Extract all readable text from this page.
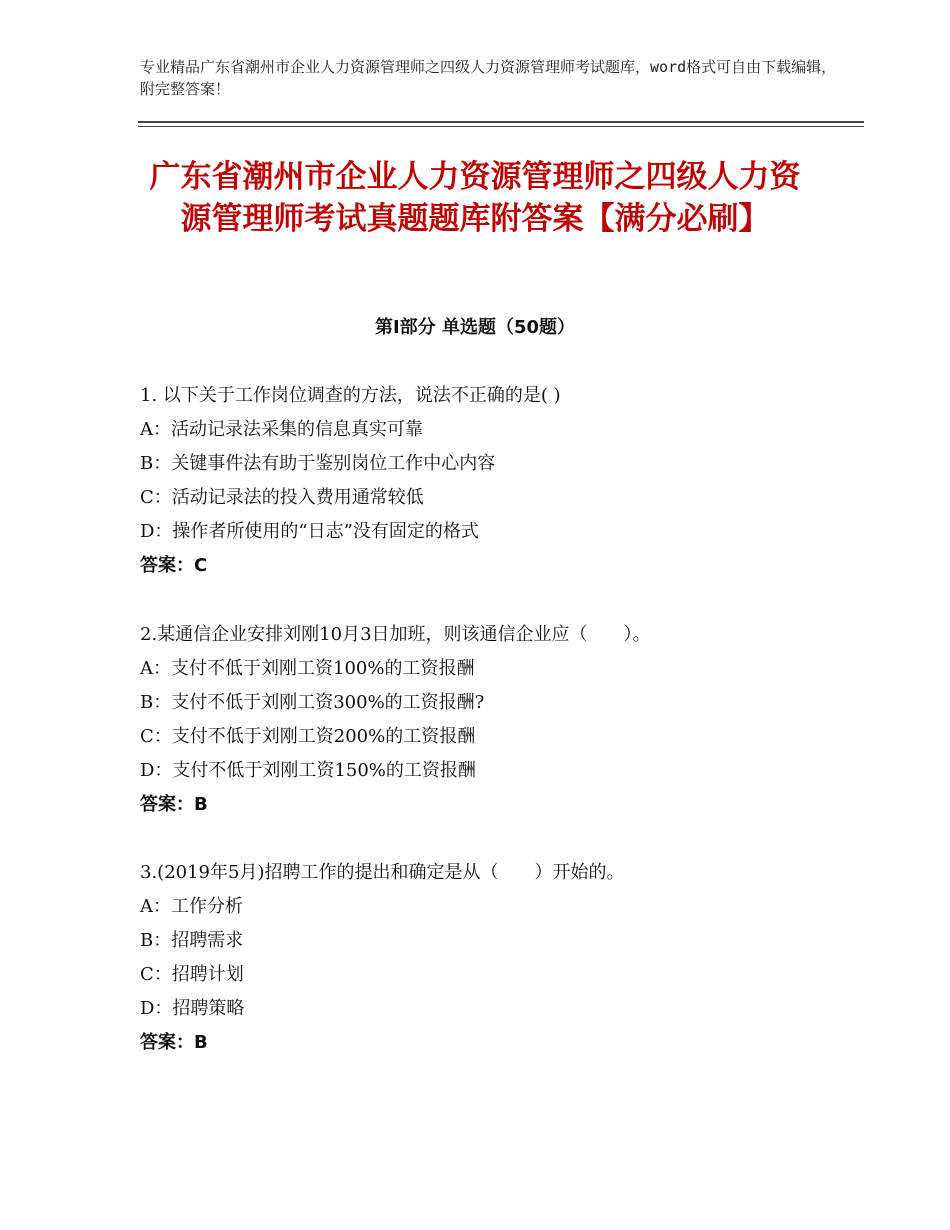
专业精品广东省潮州市企业人力资源管理师之四级人力资源管理师考试题库，word格式可自由下载编辑，附完整答案！
广东省潮州市企业人力资源管理师之四级人力资源管理师考试真题题库附答案【满分必刷】
第Ⅰ部分 单选题（50题）
1. 以下关于工作岗位调查的方法，说法不正确的是( )
A：活动记录法采集的信息真实可靠
B：关键事件法有助于鉴别岗位工作中心内容
C：活动记录法的投入费用通常较低
D：操作者所使用的“日志”没有固定的格式
答案：C
2.某通信企业安排刘刚10月3日加班，则该通信企业应（　　）。
A：支付不低于刘刚工资100%的工资报酬
B：支付不低于刘刚工资300%的工资报酬?
C：支付不低于刘刚工资200%的工资报酬
D：支付不低于刘刚工资150%的工资报酬
答案：B
3.(2019年5月)招聘工作的提出和确定是从（　　）开始的。
A：工作分析
B：招聘需求
C：招聘计划
D：招聘策略
答案：B
